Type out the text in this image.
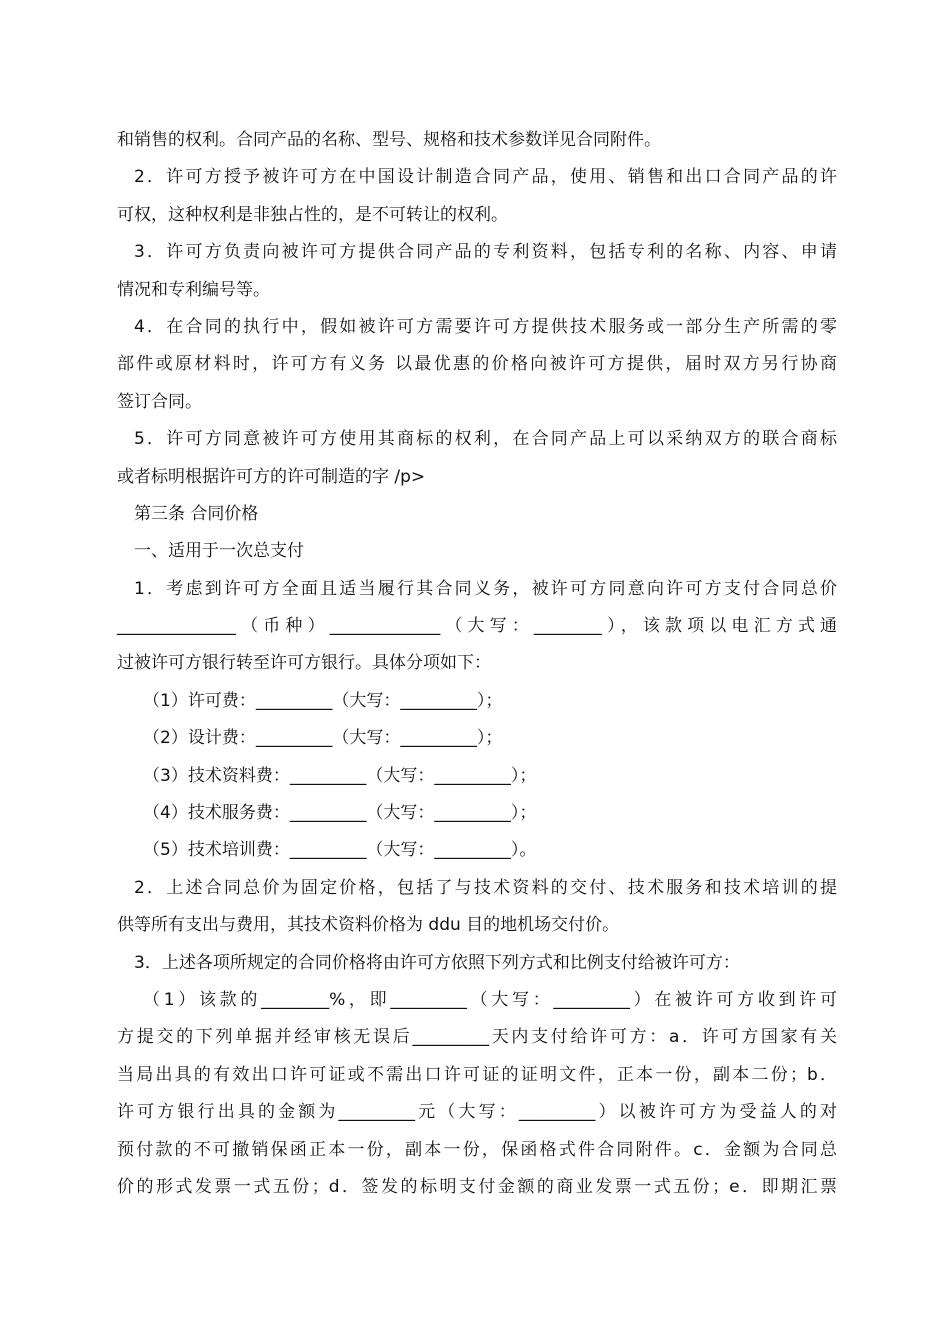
和销售的权利。合同产品的名称、型号、规格和技术参数详见合同附件。
2．许可方授予被许可方在中国设计制造合同产品，使用、销售和出口合同产品的许
可权，这种权利是非独占性的，是不可转让的权利。
3．许可方负责向被许可方提供合同产品的专利资料，包括专利的名称、内容、申请
情况和专利编号等。
4．在合同的执行中，假如被许可方需要许可方提供技术服务或一部分生产所需的零
部件或原材料时，许可方有义务 以最优惠的价格向被许可方提供，届时双方另行协商
签订合同。
5．许可方同意被许可方使用其商标的权利，在合同产品上可以采纳双方的联合商标
或者标明根据许可方的许可制造的字 /p>
第三条 合同价格
一、适用于一次总支付
1．考虑到许可方全面且适当履行其合同义务，被许可方同意向许可方支付合同总价
______________（币种）_____________（大写：________），该款项以电汇方式通
过被许可方银行转至许可方银行。具体分项如下：
（1）许可费：_________（大写：_________）；
（2）设计费：_________（大写：_________）；
（3）技术资料费：_________（大写：_________）；
（4）技术服务费：_________（大写：_________）；
（5）技术培训费：_________（大写：_________）。
2．上述合同总价为固定价格，包括了与技术资料的交付、技术服务和技术培训的提
供等所有支出与费用，其技术资料价格为 ddu 目的地机场交付价。
3．上述各项所规定的合同价格将由许可方依照下列方式和比例支付给被许可方：
（1）该款的________%，即_________（大写：_________）在被许可方收到许可
方提交的下列单据并经审核无误后_________天内支付给许可方：a．许可方国家有关
当局出具的有效出口许可证或不需出口许可证的证明文件，正本一份，副本二份；b．
许可方银行出具的金额为_________元（大写：_________）以被许可方为受益人的对
预付款的不可撤销保函正本一份，副本一份，保函格式件合同附件。c．金额为合同总
价的形式发票一式五份；d．签发的标明支付金额的商业发票一式五份；e．即期汇票
